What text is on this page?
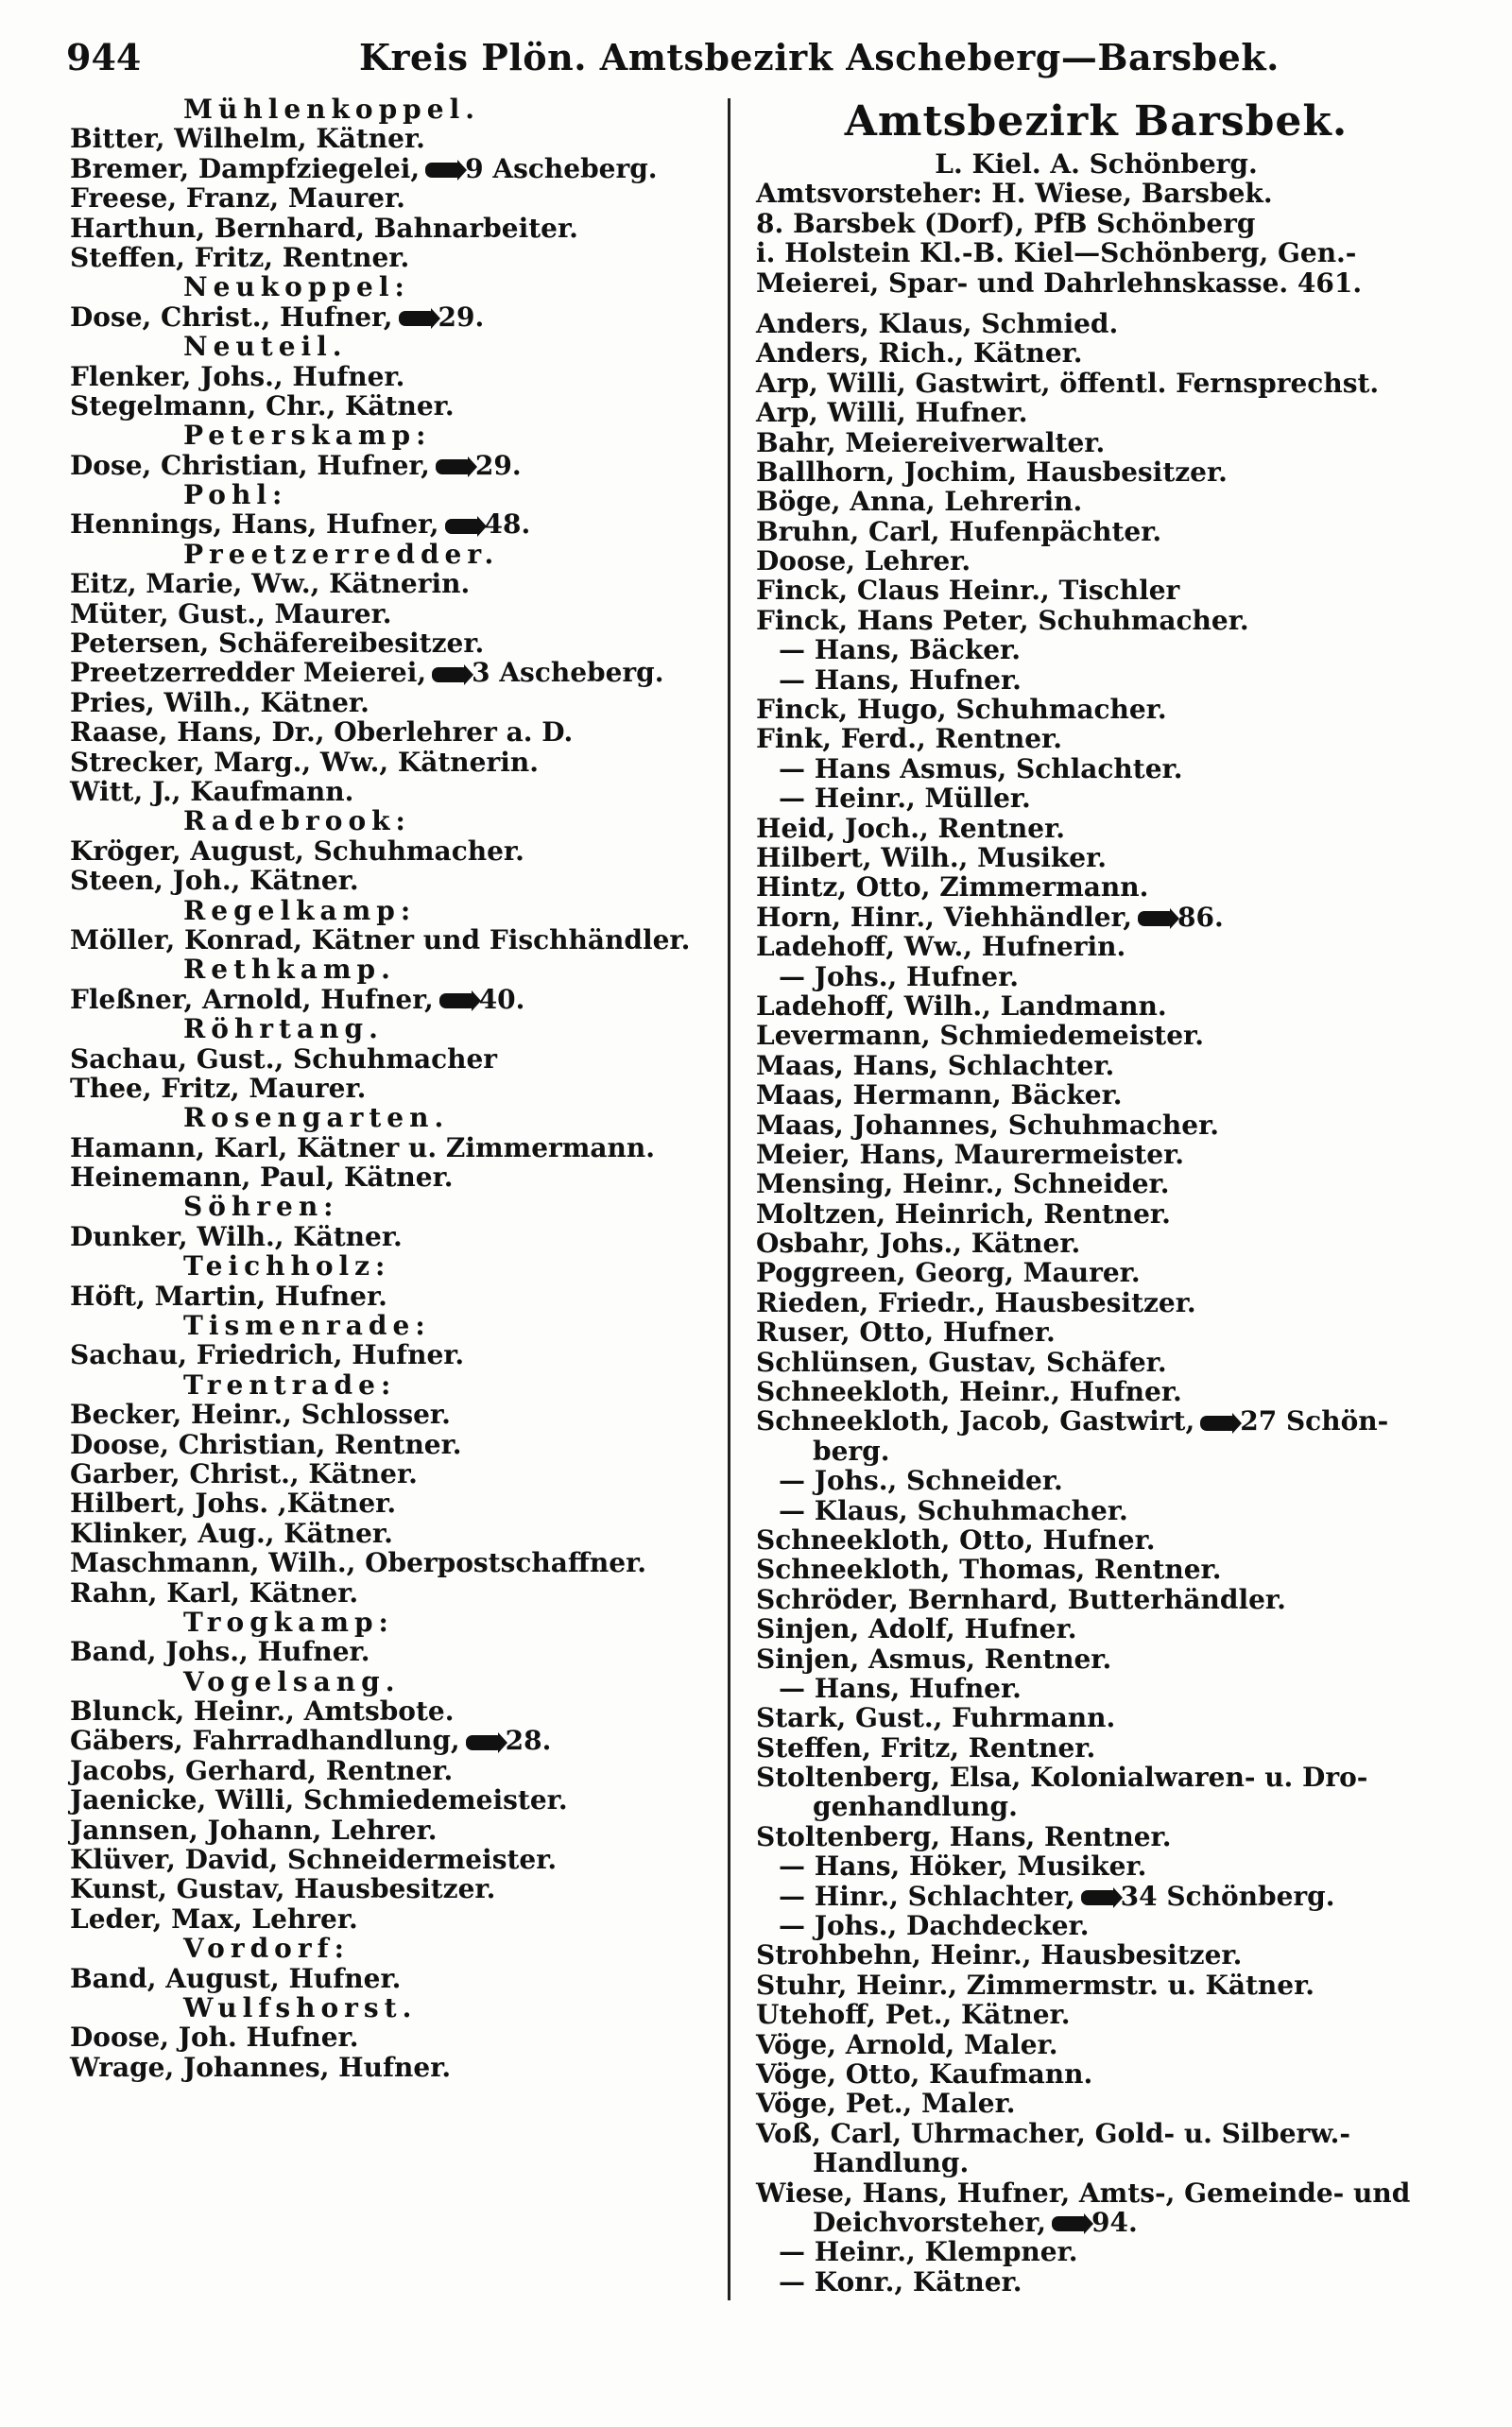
944	Kreis Plön. Amtsbezirk Ascheberg—Barsbek.
Mühlenkoppel.
Bitter, Wilhelm, Kätner.
Bremer, Dampfziegelei, 9 Ascheberg.
Freese, Franz, Maurer.
Harthun, Bernhard, Bahnarbeiter.
Steffen, Fritz, Rentner.
Neukoppel:
Dose, Christ., Hufner, 29.
Neuteil.
Flenker, Johs., Hufner.
Stegelmann, Chr., Kätner.
Peterskamp:
Dose, Christian, Hufner, 29.
Pohl:
Hennings, Hans, Hufner, 48.
Preetzerredder.
Eitz, Marie, Ww., Kätnerin.
Müter, Gust., Maurer.
Petersen, Schäfereibesitzer.
Preetzerredder Meierei, 3 Ascheberg.
Pries, Wilh., Kätner.
Raase, Hans, Dr., Oberlehrer a. D.
Strecker, Marg., Ww., Kätnerin.
Witt, J., Kaufmann.
Radebrook:
Kröger, August, Schuhmacher.
Steen, Joh., Kätner.
Regelkamp:
Möller, Konrad, Kätner und Fischhändler.
Rethkamp.
Fleßner, Arnold, Hufner, 40.
Röhrtang.
Sachau, Gust., Schuhmacher
Thee, Fritz, Maurer.
Rosengarten.
Hamann, Karl, Kätner u. Zimmermann.
Heinemann, Paul, Kätner.
Söhren:
Dunker, Wilh., Kätner.
Teichholz:
Höft, Martin, Hufner.
Tismenrade:
Sachau, Friedrich, Hufner.
Trentrade:
Becker, Heinr., Schlosser.
Doose, Christian, Rentner.
Garber, Christ., Kätner.
Hilbert, Johs. ,Kätner.
Klinker, Aug., Kätner.
Maschmann, Wilh., Oberpostschaffner.
Rahn, Karl, Kätner.
Trogkamp:
Band, Johs., Hufner.
Vogelsang.
Blunck, Heinr., Amtsbote.
Gäbers, Fahrradhandlung, 28.
Jacobs, Gerhard, Rentner.
Jaenicke, Willi, Schmiedemeister.
Jannsen, Johann, Lehrer.
Klüver, David, Schneidermeister.
Kunst, Gustav, Hausbesitzer.
Leder, Max, Lehrer.
Vordorf:
Band, August, Hufner.
Wulfshorst.
Doose, Joh. Hufner.
Wrage, Johannes, Hufner.
Amtsbezirk Barsbek.
L. Kiel. A. Schönberg.
Amtsvorsteher: H. Wiese, Barsbek.
8. Barsbek (Dorf), PfB Schönberg
i. Holstein Kl.-B. Kiel—Schönberg, Gen.-
Meierei, Spar- und Dahrlehnskasse. 461.
Anders, Klaus, Schmied.
Anders, Rich., Kätner.
Arp, Willi, Gastwirt, öffentl. Fernsprechst.
Arp, Willi, Hufner.
Bahr, Meiereiverwalter.
Ballhorn, Jochim, Hausbesitzer.
Böge, Anna, Lehrerin.
Bruhn, Carl, Hufenpächter.
Doose, Lehrer.
Finck, Claus Heinr., Tischler
Finck, Hans Peter, Schuhmacher.
— Hans, Bäcker.
— Hans, Hufner.
Finck, Hugo, Schuhmacher.
Fink, Ferd., Rentner.
— Hans Asmus, Schlachter.
— Heinr., Müller.
Heid, Joch., Rentner.
Hilbert, Wilh., Musiker.
Hintz, Otto, Zimmermann.
Horn, Hinr., Viehhändler, 86.
Ladehoff, Ww., Hufnerin.
— Johs., Hufner.
Ladehoff, Wilh., Landmann.
Levermann, Schmiedemeister.
Maas, Hans, Schlachter.
Maas, Hermann, Bäcker.
Maas, Johannes, Schuhmacher.
Meier, Hans, Maurermeister.
Mensing, Heinr., Schneider.
Moltzen, Heinrich, Rentner.
Osbahr, Johs., Kätner.
Poggreen, Georg, Maurer.
Rieden, Friedr., Hausbesitzer.
Ruser, Otto, Hufner.
Schlünsen, Gustav, Schäfer.
Schneekloth, Heinr., Hufner.
Schneekloth, Jacob, Gastwirt, 27 Schön-
berg.
— Johs., Schneider.
— Klaus, Schuhmacher.
Schneekloth, Otto, Hufner.
Schneekloth, Thomas, Rentner.
Schröder, Bernhard, Butterhändler.
Sinjen, Adolf, Hufner.
Sinjen, Asmus, Rentner.
— Hans, Hufner.
Stark, Gust., Fuhrmann.
Steffen, Fritz, Rentner.
Stoltenberg, Elsa, Kolonialwaren- u. Dro-
genhandlung.
Stoltenberg, Hans, Rentner.
— Hans, Höker, Musiker.
— Hinr., Schlachter, 34 Schönberg.
— Johs., Dachdecker.
Strohbehn, Heinr., Hausbesitzer.
Stuhr, Heinr., Zimmermstr. u. Kätner.
Utehoff, Pet., Kätner.
Vöge, Arnold, Maler.
Vöge, Otto, Kaufmann.
Vöge, Pet., Maler.
Voß, Carl, Uhrmacher, Gold- u. Silberw.-
Handlung.
Wiese, Hans, Hufner, Amts-, Gemeinde- und
Deichvorsteher, 94.
— Heinr., Klempner.
— Konr., Kätner.
